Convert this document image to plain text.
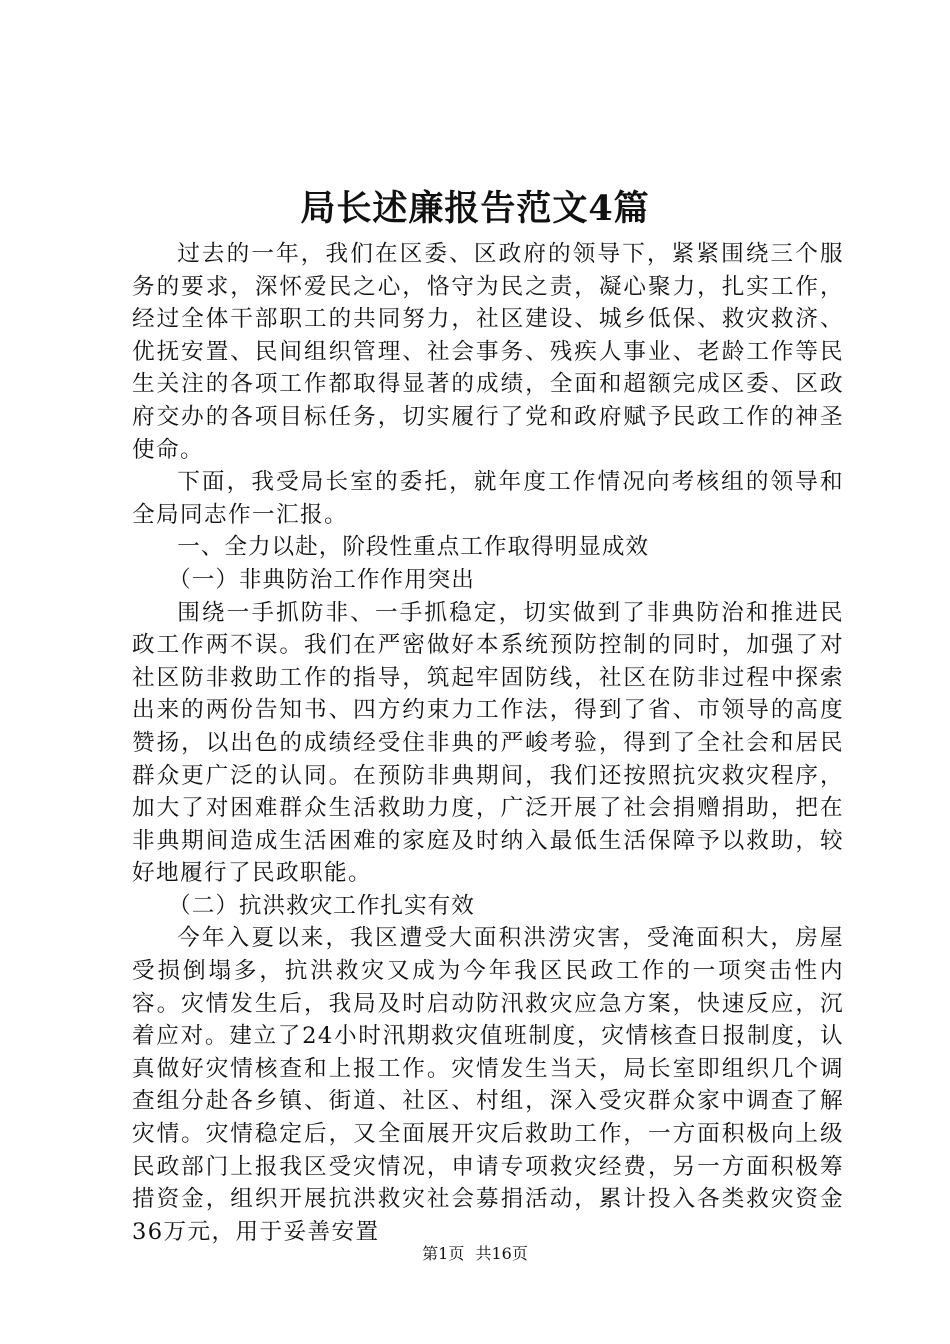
局长述廉报告范文4篇

过去的一年，我们在区委、区政府的领导下，紧紧围绕三个服务的要求，深怀爱民之心，恪守为民之责，凝心聚力，扎实工作，经过全体干部职工的共同努力，社区建设、城乡低保、救灾救济、优抚安置、民间组织管理、社会事务、残疾人事业、老龄工作等民生关注的各项工作都取得显著的成绩，全面和超额完成区委、区政府交办的各项目标任务，切实履行了党和政府赋予民政工作的神圣使命。

下面，我受局长室的委托，就年度工作情况向考核组的领导和全局同志作一汇报。

一、全力以赴，阶段性重点工作取得明显成效

（一）非典防治工作作用突出

围绕一手抓防非、一手抓稳定，切实做到了非典防治和推进民政工作两不误。我们在严密做好本系统预防控制的同时，加强了对社区防非救助工作的指导，筑起牢固防线，社区在防非过程中探索出来的两份告知书、四方约束力工作法，得到了省、市领导的高度赞扬，以出色的成绩经受住非典的严峻考验，得到了全社会和居民群众更广泛的认同。在预防非典期间，我们还按照抗灾救灾程序，加大了对困难群众生活救助力度，广泛开展了社会捐赠捐助，把在非典期间造成生活困难的家庭及时纳入最低生活保障予以救助，较好地履行了民政职能。

（二）抗洪救灾工作扎实有效

今年入夏以来，我区遭受大面积洪涝灾害，受淹面积大，房屋受损倒塌多，抗洪救灾又成为今年我区民政工作的一项突击性内容。灾情发生后，我局及时启动防汛救灾应急方案，快速反应，沉着应对。建立了24小时汛期救灾值班制度，灾情核查日报制度，认真做好灾情核查和上报工作。灾情发生当天，局长室即组织几个调查组分赴各乡镇、街道、社区、村组，深入受灾群众家中调查了解灾情。灾情稳定后，又全面展开灾后救助工作，一方面积极向上级民政部门上报我区受灾情况，申请专项救灾经费，另一方面积极筹措资金，组织开展抗洪救灾社会募捐活动，累计投入各类救灾资金36万元，用于妥善安置

第1页 共16页
